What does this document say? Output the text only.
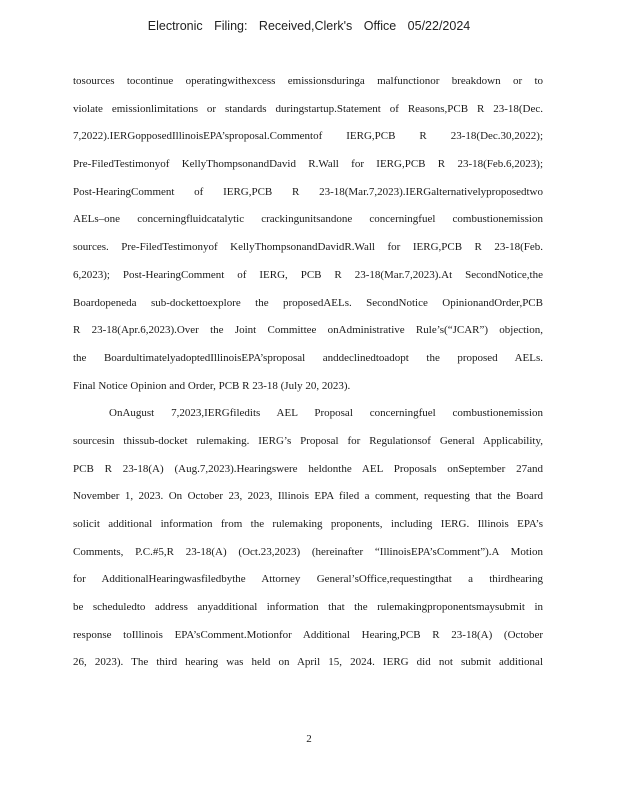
Electronic Filing: Received,Clerk's Office 05/22/2024
tosources tocontinue operatingwithexcess emissionsduringa malfunctionor breakdown or to
violate emissionlimitations or standards duringstartup.Statement of Reasons,PCB R 23-18(Dec.
7,2022).IERGopposedIllinoisEPA’sproposal.Commentof IERG,PCB R 23-18(Dec.30,2022);
Pre-FiledTestimonyof KellyThompsonandDavid R.Wall for IERG,PCB R 23-18(Feb.6,2023);
Post-HearingComment of IERG,PCB R 23-18(Mar.7,2023).IERGalternativelyproposedtwo
AELs–one concerningfluidcatalytic crackingunitsandone concerningfuel combustionemission
sources. Pre-FiledTestimonyof KellyThompsonandDavidR.Wall for IERG,PCB R 23-18(Feb.
6,2023); Post-HearingComment of IERG, PCB R 23-18(Mar.7,2023).At SecondNotice,the
Boardopeneda sub-dockettoexplore the proposedAELs. SecondNotice OpinionandOrder,PCB
R 23-18(Apr.6,2023).Over the Joint Committee onAdministrative Rule’s(“JCAR”) objection,
the BoardultimatelyadoptedIllinoisEPA’sproposal anddeclinedtoadopt the proposed AELs.
Final Notice Opinion and Order, PCB R 23-18 (July 20, 2023).
OnAugust 7,2023,IERGfiledits AEL Proposal concerningfuel combustionemission
sourcesin thissub-docket rulemaking. IERG’s Proposal for Regulationsof General Applicability,
PCB R 23-18(A) (Aug.7,2023).Hearingswere heldonthe AEL Proposals onSeptember 27and
November 1, 2023. On October 23, 2023, Illinois EPA filed a comment, requesting that the Board
solicit additional information from the rulemaking proponents, including IERG. Illinois EPA’s
Comments, P.C.#5,R 23-18(A) (Oct.23,2023) (hereinafter “IllinoisEPA’sComment”).A Motion
for AdditionalHearingwasfiledbythe Attorney General’sOffice,requestingthat a thirdhearing
be scheduledto address anyadditional information that the rulemakingproponentsmaysubmit in
response toIllinois EPA’sComment.Motionfor Additional Hearing,PCB R 23-18(A) (October
26, 2023). The third hearing was held on April 15, 2024. IERG did not submit additional
2
